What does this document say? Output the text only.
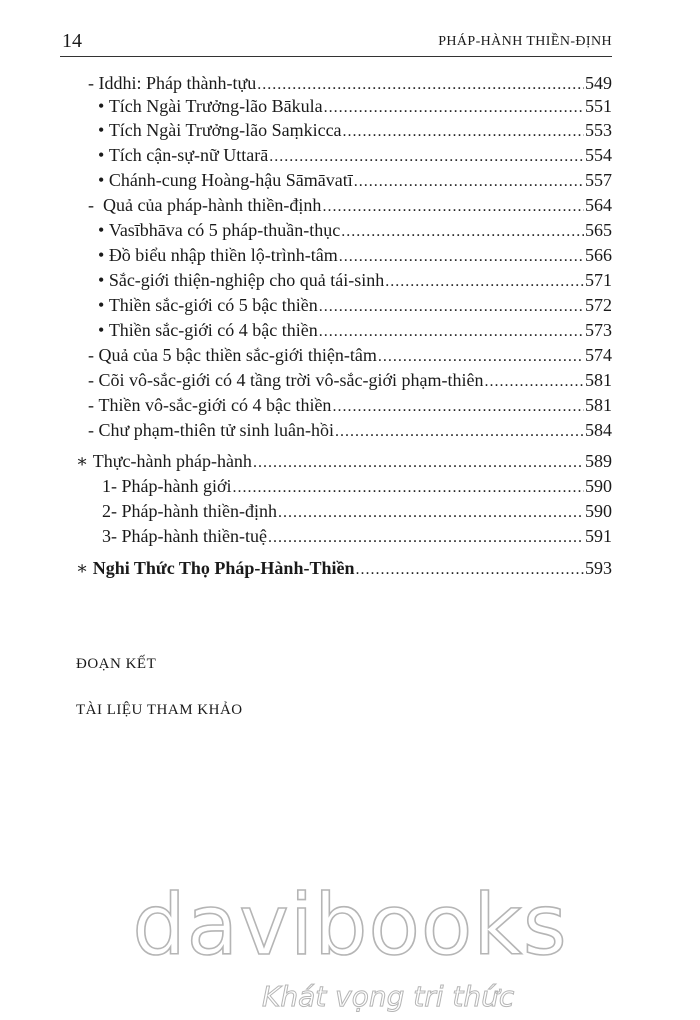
14	PHÁP-HÀNH THIỀN-ĐỊNH
- Iddhi: Pháp thành-tựu .....	549
• Tích Ngài Trưởng-lão Bākula .....	551
• Tích Ngài Trưởng-lão Saṃkicca .....	553
• Tích cận-sự-nữ Uttarā .....	554
• Chánh-cung Hoàng-hậu Sāmāvatī .....	557
- Quả của pháp-hành thiền-định .....	564
• Vasībhāva có 5 pháp-thuần-thục .....	565
• Đồ biểu nhập thiền lộ-trình-tâm .....	566
• Sắc-giới thiện-nghiệp cho quả tái-sinh .....	571
• Thiền sắc-giới có 5 bậc thiền .....	572
• Thiền sắc-giới có 4 bậc thiền .....	573
- Quả của 5 bậc thiền sắc-giới thiện-tâm .....	574
- Cõi vô-sắc-giới có 4 tầng trời vô-sắc-giới phạm-thiên .....	581
- Thiền vô-sắc-giới có 4 bậc thiền .....	581
- Chư phạm-thiên tử sinh luân-hồi .....	584
∗ Thực-hành pháp-hành .....	589
1- Pháp-hành giới .....	590
2- Pháp-hành thiền-định .....	590
3- Pháp-hành thiền-tuệ .....	591
∗ Nghi Thức Thọ Pháp-Hành-Thiền .....	593
ĐOẠN KẾT
TÀI LIỆU THAM KHẢO
davibooks
Khát vọng tri thức
